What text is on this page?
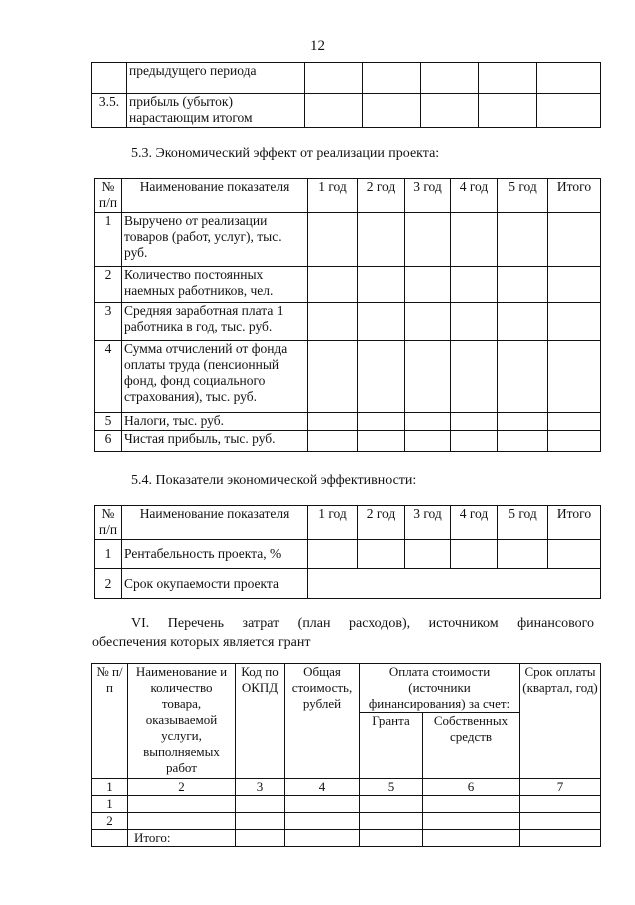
12
	предыдущего периода					
3.5.	прибыль (убыток) нарастающим итогом					
5.3. Экономический эффект от реализации проекта:
№ п/п	Наименование показателя	1 год	2 год	3 год	4 год	5 год	Итого
1	Выручено от реализации товаров (работ, услуг), тыс. руб.						
2	Количество постоянных наемных работников, чел.						
3	Средняя заработная плата 1 работника в год, тыс. руб.						
4	Сумма отчислений от фонда оплаты труда (пенсионный фонд, фонд социального страхования), тыс. руб.						
5	Налоги, тыс. руб.						
6	Чистая прибыль, тыс. руб.						
5.4. Показатели экономической эффективности:
№ п/п	Наименование показателя	1 год	2 год	3 год	4 год	5 год	Итого
1	Рентабельность проекта, %						
2	Срок окупаемости проекта						
VI. Перечень затрат (план расходов), источником финансового
обеспечения которых является грант
№ п/п	Наименование и количество товара, оказываемой услуги, выполняемых работ	Код по ОКПД	Общая стоимость, рублей	Оплата стоимости (источники финансирования) за счет:		Срок оплаты (квартал, год)
				Гранта	Собственных средств	
1	2	3	4	5	6	7
1						
2						
	Итого:					
